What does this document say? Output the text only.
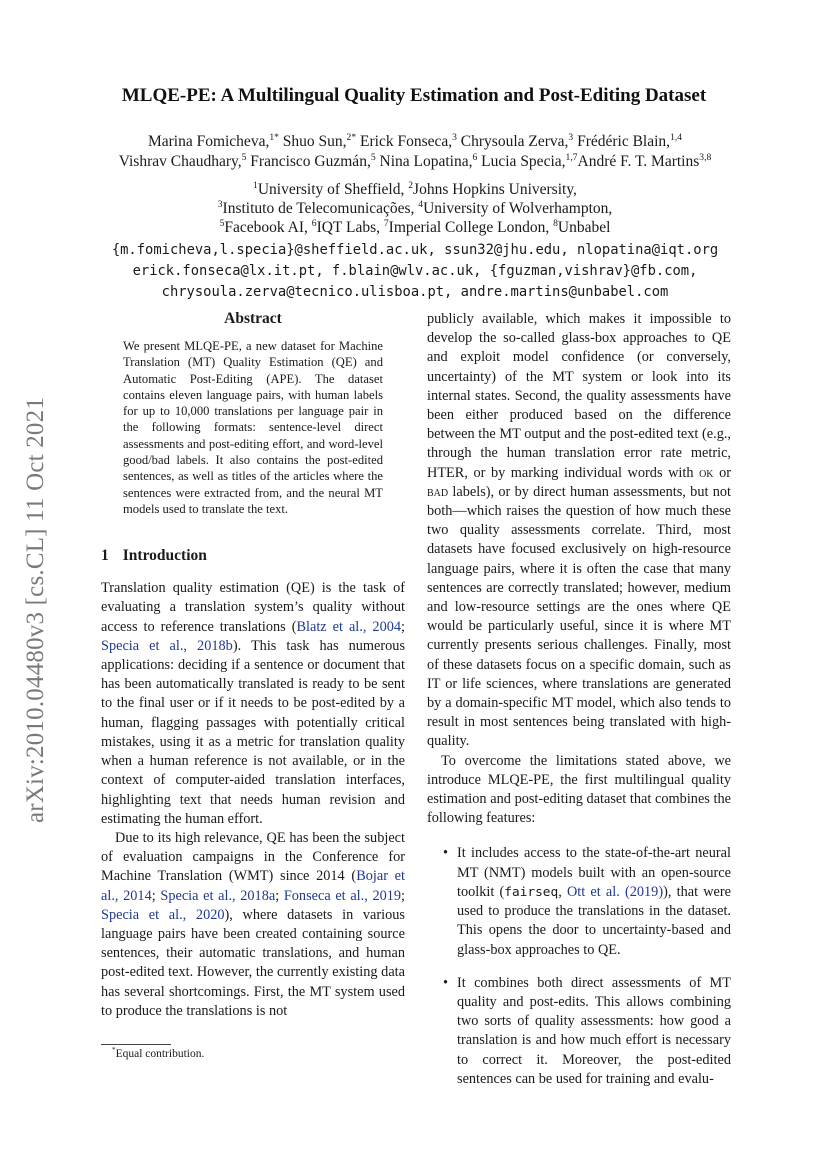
arXiv:2010.04480v3 [cs.CL] 11 Oct 2021
MLQE-PE: A Multilingual Quality Estimation and Post-Editing Dataset
Marina Fomicheva,$^{1*}$ Shuo Sun,$^{2*}$ Erick Fonseca,$^3$ Chrysoula Zerva,$^3$ Frédéric Blain,$^{1,4}$
Vishrav Chaudhary,$^5$ Francisco Guzmán,$^5$ Nina Lopatina,$^6$ Lucia Specia,$^{1,7}$André F. T. Martins$^{3,8}$
$^1$University of Sheffield, $^2$Johns Hopkins University,
$^3$Instituto de Telecomunicações, $^4$University of Wolverhampton,
$^5$Facebook AI, $^6$IQT Labs, $^7$Imperial College London, $^8$Unbabel
{m.fomicheva,l.specia}@sheffield.ac.uk, ssun32@jhu.edu, nlopatina@iqt.org
erick.fonseca@lx.it.pt, f.blain@wlv.ac.uk, {fguzman,vishrav}@fb.com,
chrysoula.zerva@tecnico.ulisboa.pt, andre.martins@unbabel.com
Abstract
We present MLQE-PE, a new dataset for Machine Translation (MT) Quality Estimation (QE) and Automatic Post-Editing (APE). The dataset contains eleven language pairs, with human labels for up to 10,000 translations per language pair in the following formats: sentence-level direct assessments and post-editing effort, and word-level good/bad labels. It also contains the post-edited sentences, as well as titles of the articles where the sentences were extracted from, and the neural MT models used to translate the text.
1 Introduction

Translation quality estimation (QE) is the task of evaluating a translation system’s quality without access to reference translations (Blatz et al., 2004; Specia et al., 2018b). This task has numerous applications: deciding if a sentence or document that has been automatically translated is ready to be sent to the final user or if it needs to be post-edited by a human, flagging passages with potentially critical mistakes, using it as a metric for translation quality when a human reference is not available, or in the context of computer-aided translation interfaces, highlighting text that needs human revision and estimating the human effort.

Due to its high relevance, QE has been the subject of evaluation campaigns in the Conference for Machine Translation (WMT) since 2014 (Bojar et al., 2014; Specia et al., 2018a; Fonseca et al., 2019; Specia et al., 2020), where datasets in various language pairs have been created containing source sentences, their automatic translations, and human post-edited text. However, the currently existing data has several shortcomings. First, the MT system used to produce the translations is not

*Equal contribution.

publicly available, which makes it impossible to develop the so-called glass-box approaches to QE and exploit model confidence (or conversely, uncertainty) of the MT system or look into its internal states. Second, the quality assessments have been either produced based on the difference between the MT output and the post-edited text (e.g., through the human translation error rate metric, HTER, or by marking individual words with ok or bad labels), or by direct human assessments, but not both—which raises the question of how much these two quality assessments correlate. Third, most datasets have focused exclusively on high-resource language pairs, where it is often the case that many sentences are correctly translated; however, medium and low-resource settings are the ones where QE would be particularly useful, since it is where MT currently presents serious challenges. Finally, most of these datasets focus on a specific domain, such as IT or life sciences, where translations are generated by a domain-specific MT model, which also tends to result in most sentences being translated with high-quality.

To overcome the limitations stated above, we introduce MLQE-PE, the first multilingual quality estimation and post-editing dataset that combines the following features:

• It includes access to the state-of-the-art neural MT (NMT) models built with an open-source toolkit (fairseq, Ott et al. (2019)), that were used to produce the translations in the dataset. This opens the door to uncertainty-based and glass-box approaches to QE.
• It combines both direct assessments of MT quality and post-edits. This allows combining two sorts of quality assessments: how good a translation is and how much effort is necessary to correct it. Moreover, the post-edited sentences can be used for training and evalu-
